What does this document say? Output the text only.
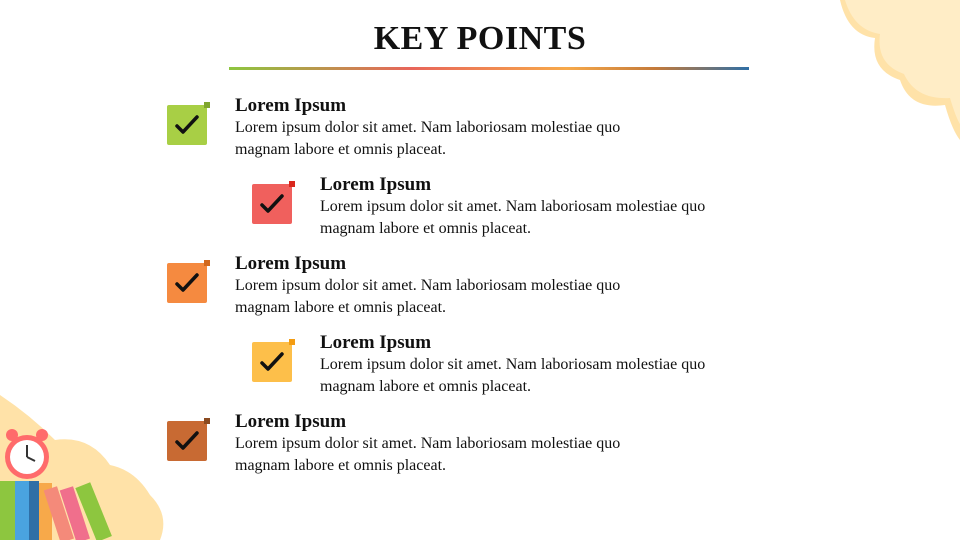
KEY POINTS
Lorem Ipsum
Lorem ipsum dolor sit amet. Nam laboriosam molestiae quo magnam labore et omnis placeat.
Lorem Ipsum
Lorem ipsum dolor sit amet. Nam laboriosam molestiae quo magnam labore et omnis placeat.
Lorem Ipsum
Lorem ipsum dolor sit amet. Nam laboriosam molestiae quo magnam labore et omnis placeat.
Lorem Ipsum
Lorem ipsum dolor sit amet. Nam laboriosam molestiae quo magnam labore et omnis placeat.
Lorem Ipsum
Lorem ipsum dolor sit amet. Nam laboriosam molestiae quo magnam labore et omnis placeat.
